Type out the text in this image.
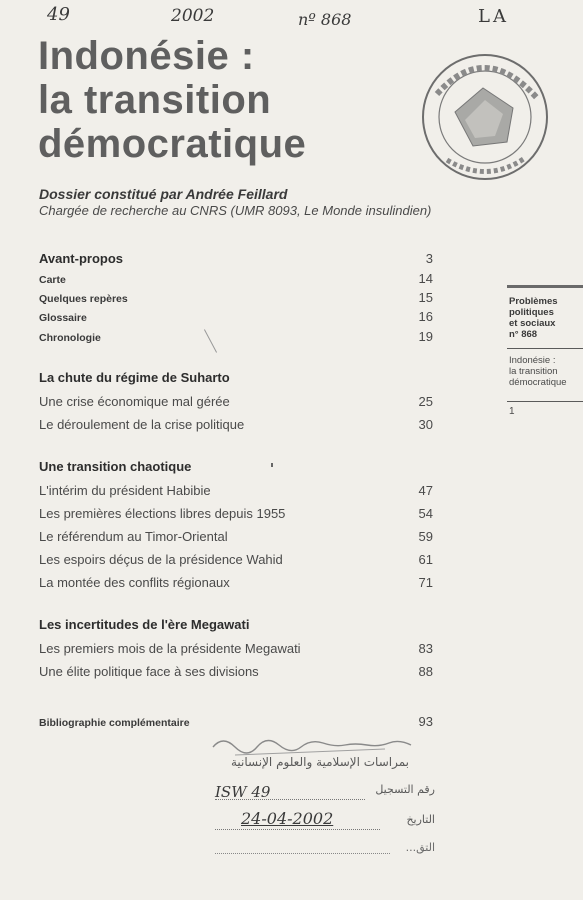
49	2002	nº 868	LA
Indonésie :
la transition
démocratique
Dossier constitué par Andrée Feillard
Chargée de recherche au CNRS (UMR 8093, Le Monde insulindien)
Avant-propos	3
Carte	14
Quelques repères	15
Glossaire	16
Chronologie	19
La chute du régime de Suharto
Une crise économique mal gérée	25
Le déroulement de la crise politique	30
Une transition chaotique
L'intérim du président Habibie	47
Les premières élections libres depuis 1955	54
Le référendum au Timor-Oriental	59
Les espoirs déçus de la présidence Wahid	61
La montée des conflits régionaux	71
Les incertitudes de l'ère Megawati
Les premiers mois de la présidente Megawati	83
Une élite politique face à ses divisions	88
Bibliographie complémentaire	93
Problèmes
politiques
et sociaux
n° 868
Indonésie :
la transition
démocratique
1
بمراسات الإسلامية والعلوم الإنسانية
ISW 49	رقم التسجيل
24-04-2002	التاريخ
التق...
